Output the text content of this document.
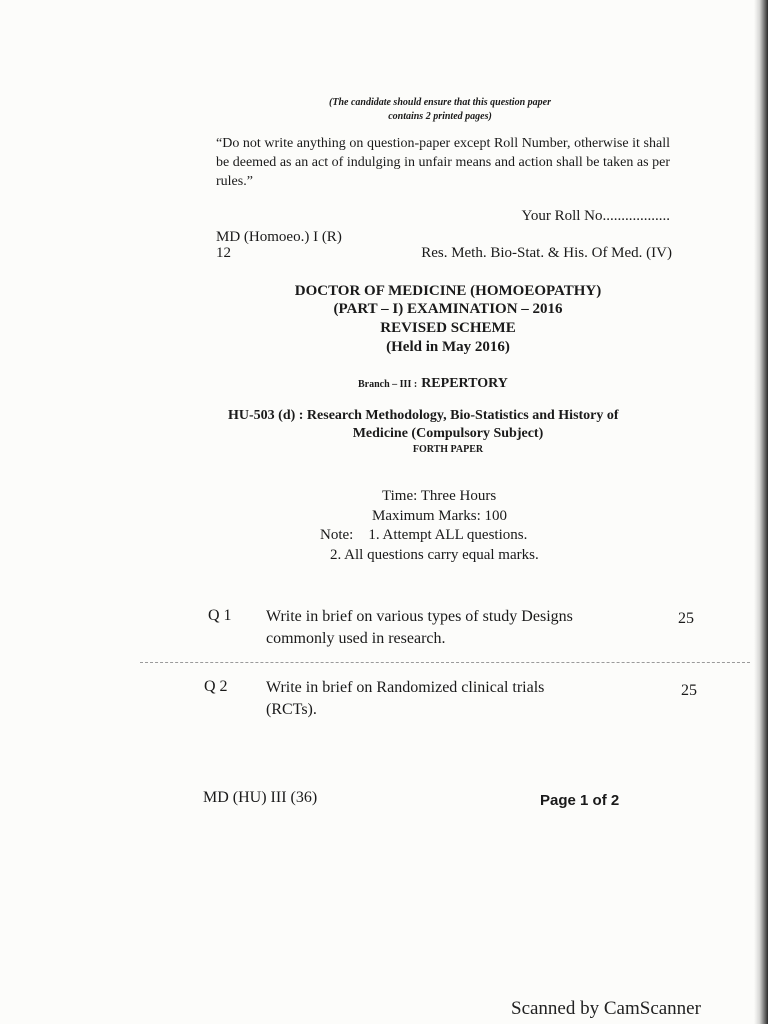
(The candidate should ensure that this question paper
contains 2 printed pages)
“Do not write anything on question-paper except Roll Number, otherwise it shall be deemed as an act of indulging in unfair means and action shall be taken as per rules.”
Your Roll No..................
MD (Homoeo.) I (R)
12	Res. Meth. Bio-Stat. & His. Of Med. (IV)
DOCTOR OF MEDICINE (HOMOEOPATHY)
(PART – I) EXAMINATION – 2016
REVISED SCHEME
(Held in May 2016)
Branch – III : REPERTORY
HU-503 (d) : Research Methodology, Bio-Statistics and History of
Medicine (Compulsory Subject)
FORTH PAPER
Time: Three Hours
Maximum Marks: 100
Note:    1. Attempt ALL questions.
2. All questions carry equal marks.
Q 1 Write in brief on various types of study Designs commonly used in research.
25
Q 2 Write in brief on Randomized clinical trials (RCTs).
25
MD (HU) III (36)	Page 1 of 2
Scanned by CamScanner
